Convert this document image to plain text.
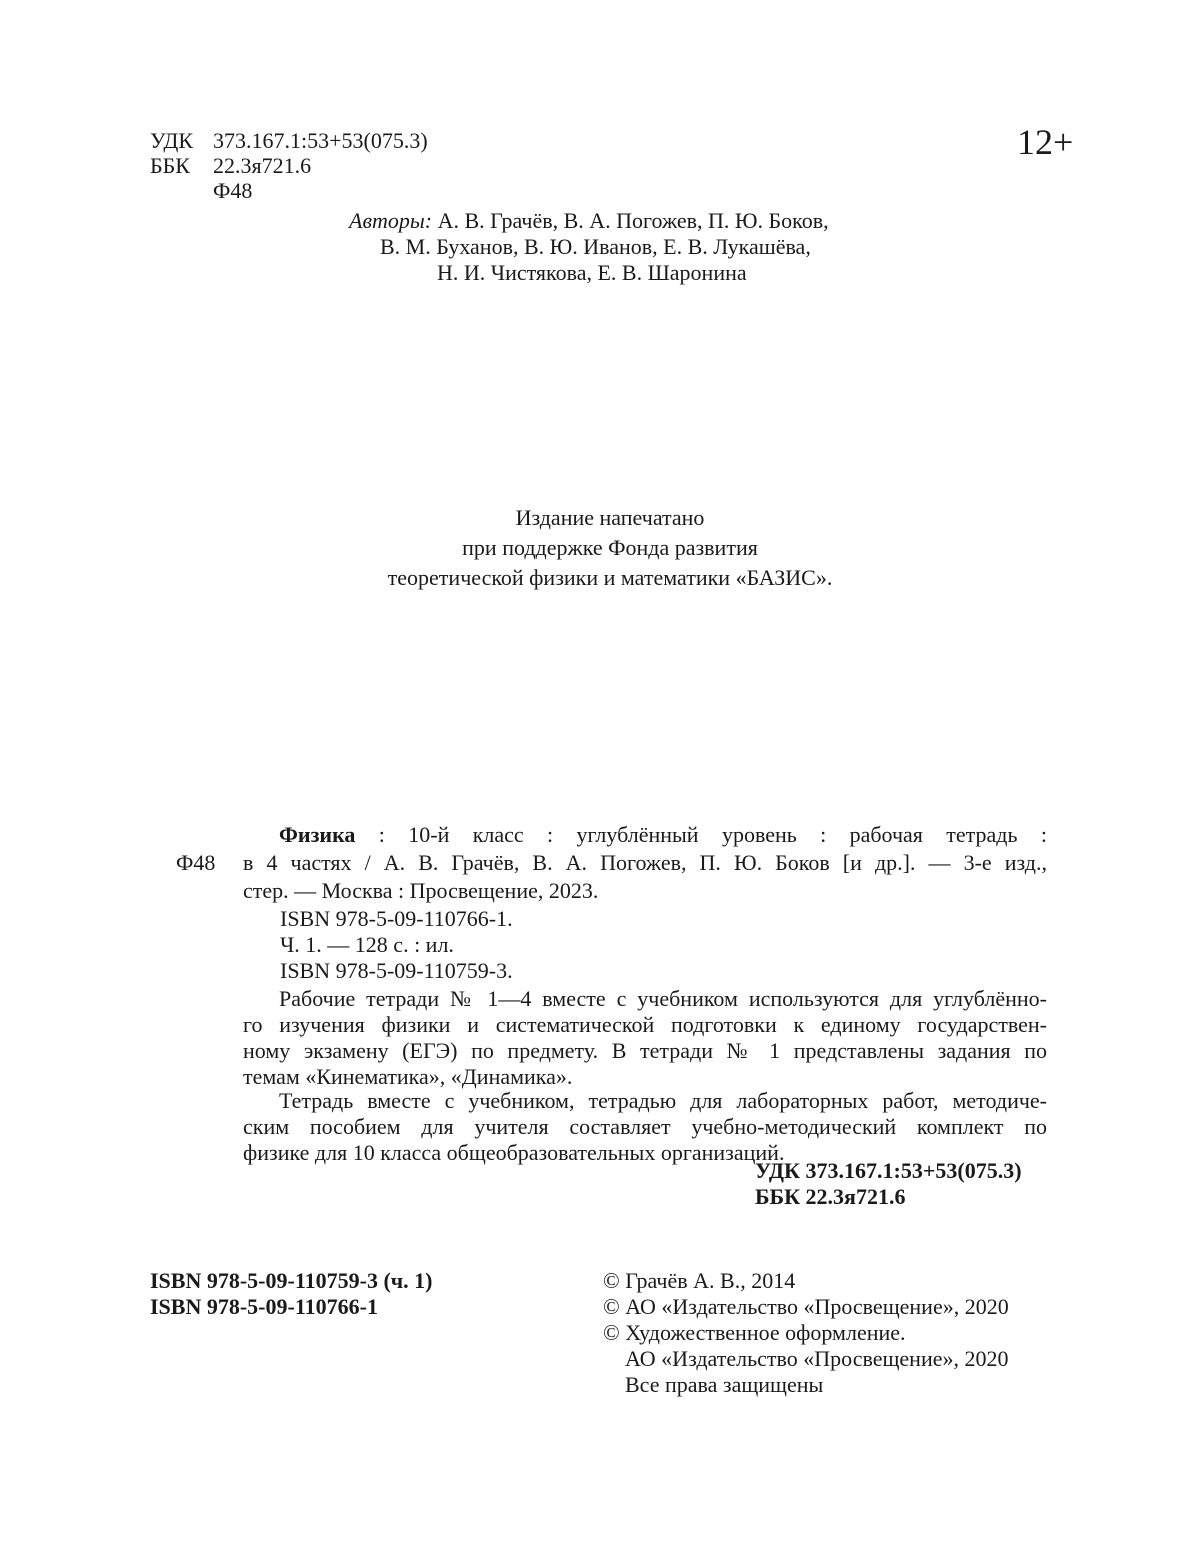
УДК 373.167.1:53+53(075.3)
ББК 22.3я721.6
Ф48
12+
Авторы: А. В. Грачёв, В. А. Погожев, П. Ю. Боков,
В. М. Буханов, В. Ю. Иванов, Е. В. Лукашёва,
Н. И. Чистякова, Е. В. Шаронина
Издание напечатано
при поддержке Фонда развития
теоретической физики и математики «БАЗИС».
Ф48
Физика : 10-й класс : углублённый уровень : рабочая тетрадь :
в 4 частях / А. В. Грачёв, В. А. Погожев, П. Ю. Боков [и др.]. — 3-е изд.,
стер. — Москва : Просвещение, 2023.
ISBN 978-5-09-110766-1.
Ч. 1. — 128 с. : ил.
ISBN 978-5-09-110759-3.
Рабочие тетради № 1—4 вместе с учебником используются для углублённо-
го изучения физики и систематической подготовки к единому государствен-
ному экзамену (ЕГЭ) по предмету. В тетради № 1 представлены задания по
темам «Кинематика», «Динамика».
Тетрадь вместе с учебником, тетрадью для лабораторных работ, методиче-
ским пособием для учителя составляет учебно-методический комплект по
физике для 10 класса общеобразовательных организаций.
УДК 373.167.1:53+53(075.3)
ББК 22.3я721.6
ISBN 978-5-09-110759-3 (ч. 1)
ISBN 978-5-09-110766-1
© Грачёв А. В., 2014
© АО «Издательство «Просвещение», 2020
© Художественное оформление.
АО «Издательство «Просвещение», 2020
Все права защищены
